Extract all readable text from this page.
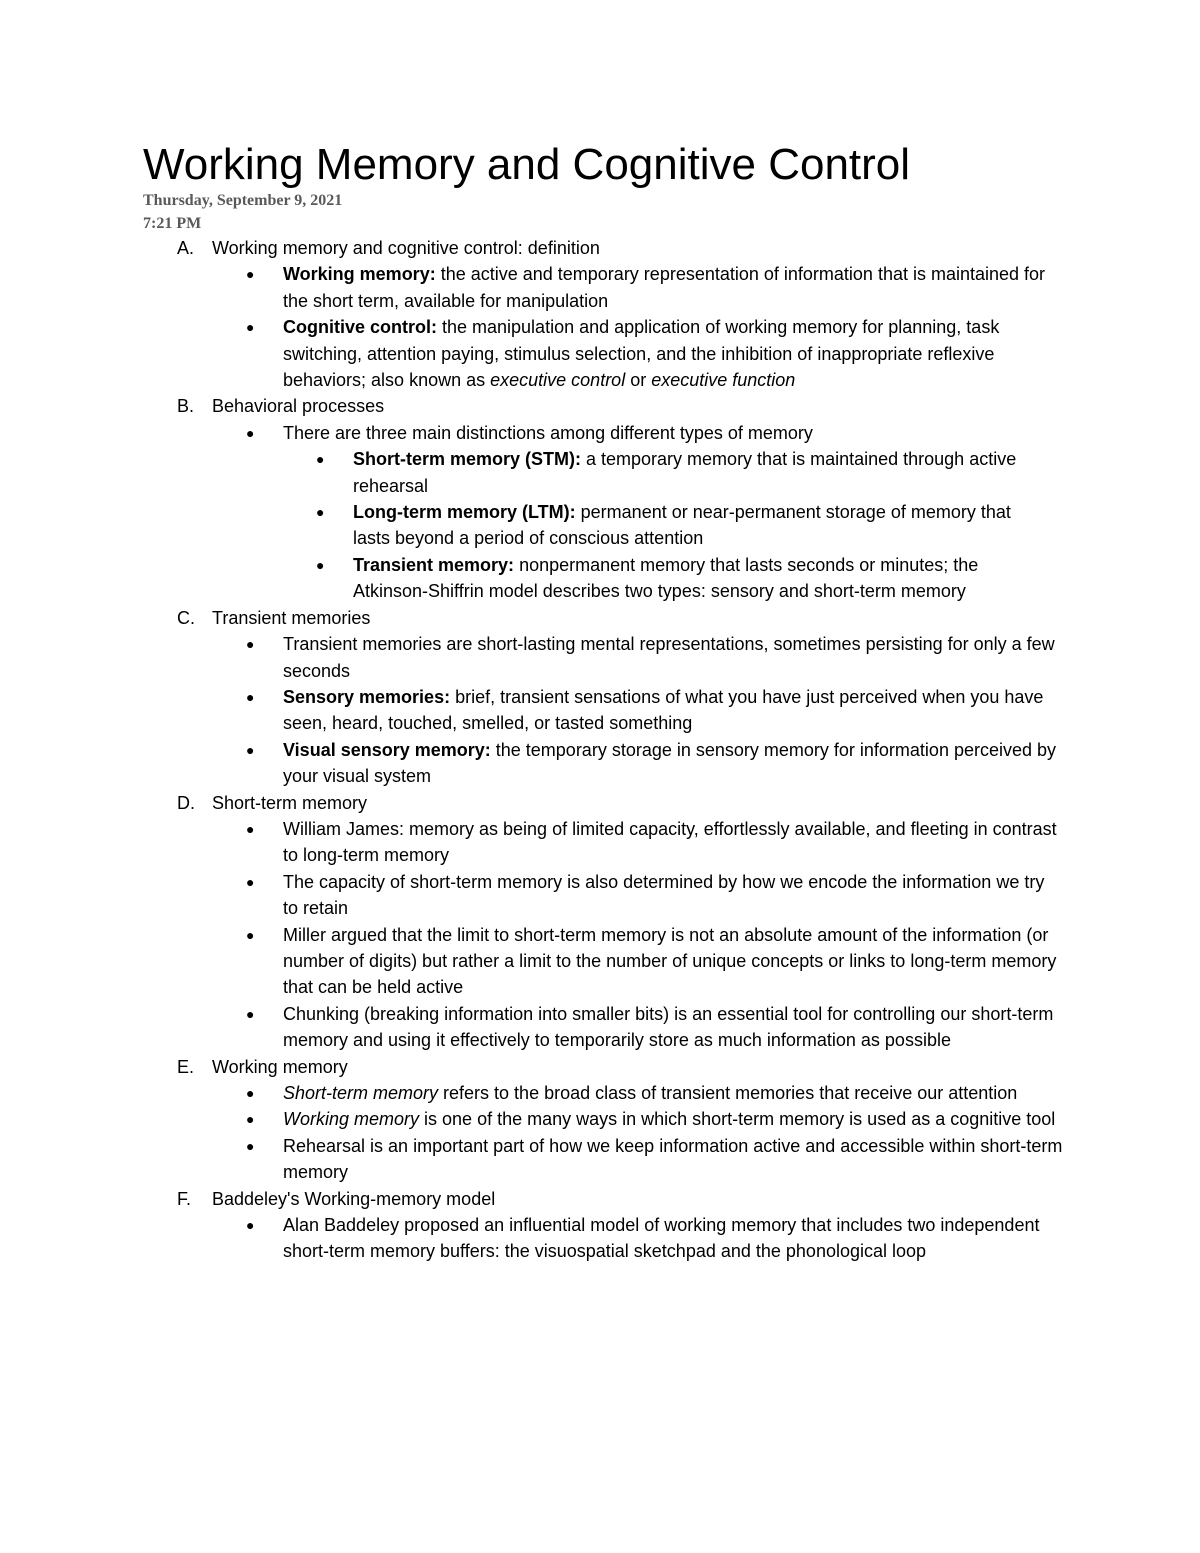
Working Memory and Cognitive Control
Thursday, September 9, 2021
7:21 PM
A. Working memory and cognitive control: definition
● Working memory: the active and temporary representation of information that is maintained for the short term, available for manipulation
● Cognitive control: the manipulation and application of working memory for planning, task switching, attention paying, stimulus selection, and the inhibition of inappropriate reflexive behaviors; also known as executive control or executive function
B. Behavioral processes
● There are three main distinctions among different types of memory
● Short-term memory (STM): a temporary memory that is maintained through active rehearsal
● Long-term memory (LTM): permanent or near-permanent storage of memory that lasts beyond a period of conscious attention
● Transient memory: nonpermanent memory that lasts seconds or minutes; the Atkinson-Shiffrin model describes two types: sensory and short-term memory
C. Transient memories
● Transient memories are short-lasting mental representations, sometimes persisting for only a few seconds
● Sensory memories: brief, transient sensations of what you have just perceived when you have seen, heard, touched, smelled, or tasted something
● Visual sensory memory: the temporary storage in sensory memory for information perceived by your visual system
D. Short-term memory
● William James: memory as being of limited capacity, effortlessly available, and fleeting in contrast to long-term memory
● The capacity of short-term memory is also determined by how we encode the information we try to retain
● Miller argued that the limit to short-term memory is not an absolute amount of the information (or number of digits) but rather a limit to the number of unique concepts or links to long-term memory that can be held active
● Chunking (breaking information into smaller bits) is an essential tool for controlling our short-term memory and using it effectively to temporarily store as much information as possible
E. Working memory
● Short-term memory refers to the broad class of transient memories that receive our attention
● Working memory is one of the many ways in which short-term memory is used as a cognitive tool
● Rehearsal is an important part of how we keep information active and accessible within short-term memory
F. Baddeley's Working-memory model
● Alan Baddeley proposed an influential model of working memory that includes two independent short-term memory buffers: the visuospatial sketchpad and the phonological loop
